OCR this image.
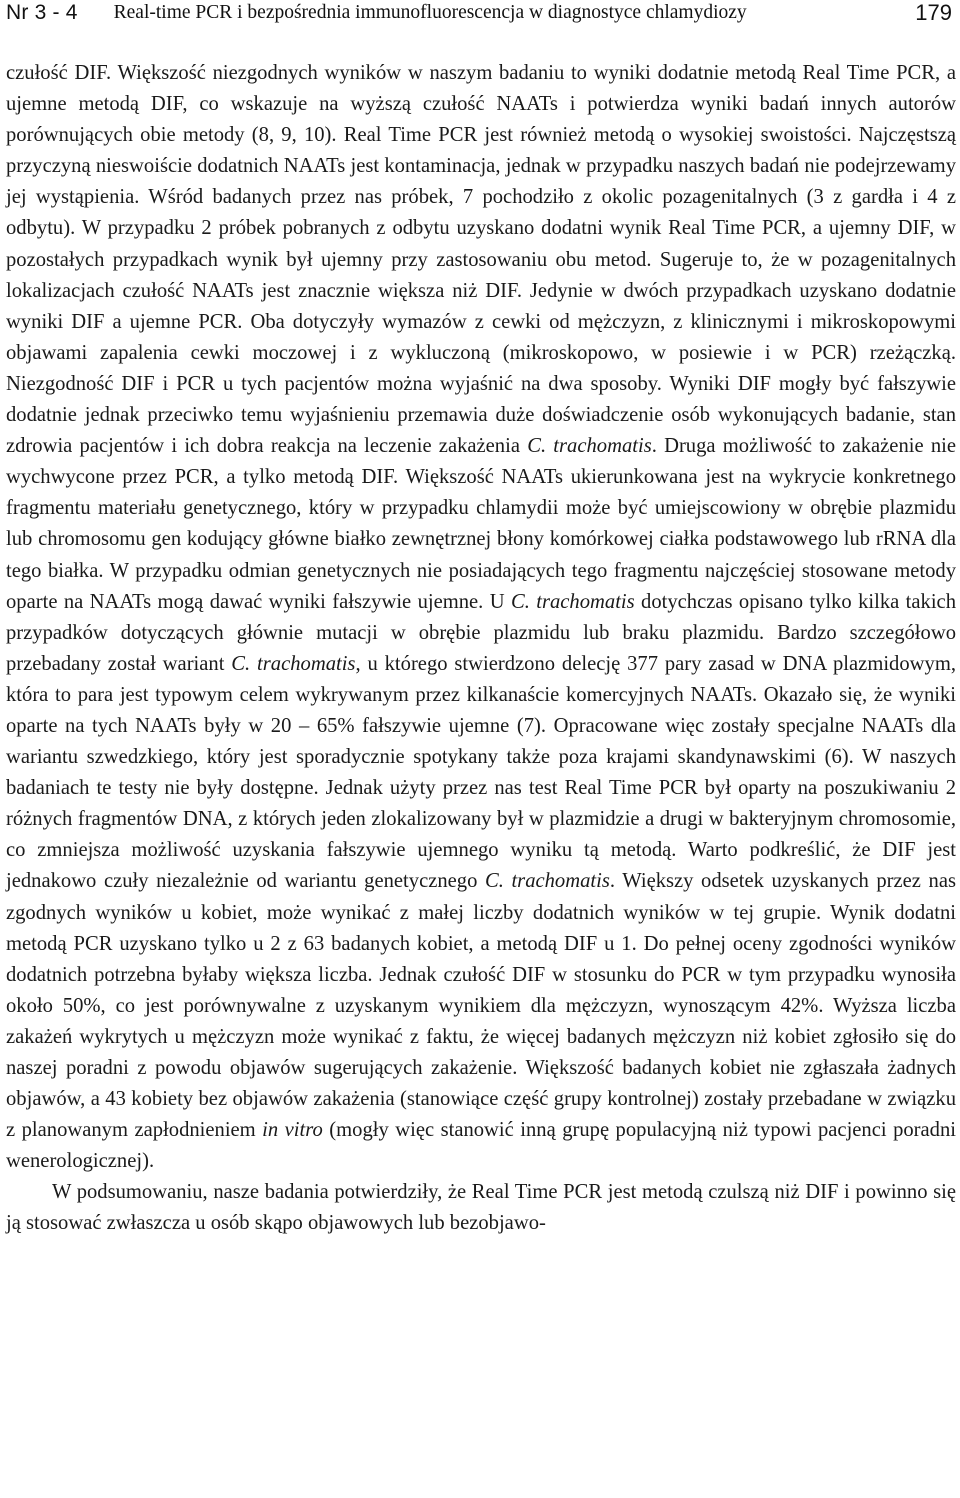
Nr 3 - 4 Real-time PCR i bezpośrednia immunofluorescencja w diagnostyce chlamydiozy	179

czułość DIF. Większość niezgodnych wyników w naszym badaniu to wyniki dodatnie metodą Real Time PCR, a ujemne metodą DIF, co wskazuje na wyższą czułość NAATs i potwierdza wyniki badań innych autorów porównujących obie metody (8, 9, 10). Real Time PCR jest również metodą o wysokiej swoistości. Najczęstszą przyczyną nieswoiście dodatnich NAATs jest kontaminacja, jednak w przypadku naszych badań nie podejrzewamy jej wystąpienia. Wśród badanych przez nas próbek, 7 pochodziło z okolic pozagenitalnych (3 z gardła i 4 z odbytu). W przypadku 2 próbek pobranych z odbytu uzyskano dodatni wynik Real Time PCR, a ujemny DIF, w pozostałych przypadkach wynik był ujemny przy zastosowaniu obu metod. Sugeruje to, że w pozagenitalnych lokalizacjach czułość NAATs jest znacznie większa niż DIF. Jedynie w dwóch przypadkach uzyskano dodatnie wyniki DIF a ujemne PCR. Oba dotyczyły wymazów z cewki od mężczyzn, z klinicznymi i mikroskopowymi objawami zapalenia cewki moczowej i z wykluczoną (mikroskopowo, w posiewie i w PCR) rzeżączką. Niezgodność DIF i PCR u tych pacjentów można wyjaśnić na dwa sposoby. Wyniki DIF mogły być fałszywie dodatnie jednak przeciwko temu wyjaśnieniu przemawia duże doświadczenie osób wykonujących badanie, stan zdrowia pacjentów i ich dobra reakcja na leczenie zakażenia C. trachomatis. Druga możliwość to zakażenie nie wychwycone przez PCR, a tylko metodą DIF. Większość NAATs ukierunkowana jest na wykrycie konkretnego fragmentu materiału genetycznego, który w przypadku chlamydii może być umiejscowiony w obrębie plazmidu lub chromosomu gen kodujący główne białko zewnętrznej błony komórkowej ciałka podstawowego lub rRNA dla tego białka. W przypadku odmian genetycznych nie posiadających tego fragmentu najczęściej stosowane metody oparte na NAATs mogą dawać wyniki fałszywie ujemne. U C. trachomatis dotychczas opisano tylko kilka takich przypadków dotyczących głównie mutacji w obrębie plazmidu lub braku plazmidu. Bardzo szczegółowo przebadany został wariant C. trachomatis, u którego stwierdzono delecję 377 pary zasad w DNA plazmidowym, która to para jest typowym celem wykrywanym przez kilkanaście komercyjnych NAATs. Okazało się, że wyniki oparte na tych NAATs były w 20 – 65% fałszywie ujemne (7). Opracowane więc zostały specjalne NAATs dla wariantu szwedzkiego, który jest sporadycznie spotykany także poza krajami skandynawskimi (6). W naszych badaniach te testy nie były dostępne. Jednak użyty przez nas test Real Time PCR był oparty na poszukiwaniu 2 różnych fragmentów DNA, z których jeden zlokalizowany był w plazmidzie a drugi w bakteryjnym chromosomie, co zmniejsza możliwość uzyskania fałszywie ujemnego wyniku tą metodą. Warto podkreślić, że DIF jest jednakowo czuły niezależnie od wariantu genetycznego C. trachomatis. Większy odsetek uzyskanych przez nas zgodnych wyników u kobiet, może wynikać z małej liczby dodatnich wyników w tej grupie. Wynik dodatni metodą PCR uzyskano tylko u 2 z 63 badanych kobiet, a metodą DIF u 1. Do pełnej oceny zgodności wyników dodatnich potrzebna byłaby większa liczba. Jednak czułość DIF w stosunku do PCR w tym przypadku wynosiła około 50%, co jest porównywalne z uzyskanym wynikiem dla mężczyzn, wynoszącym 42%. Wyższa liczba zakażeń wykrytych u mężczyzn może wynikać z faktu, że więcej badanych mężczyzn niż kobiet zgłosiło się do naszej poradni z powodu objawów sugerujących zakażenie. Większość badanych kobiet nie zgłaszała żadnych objawów, a 43 kobiety bez objawów zakażenia (stanowiące część grupy kontrolnej) zostały przebadane w związku z planowanym zapłodnieniem in vitro (mogły więc stanowić inną grupę populacyjną niż typowi pacjenci poradni wenerologicznej).

W podsumowaniu, nasze badania potwierdziły, że Real Time PCR jest metodą czulszą niż DIF i powinno się ją stosować zwłaszcza u osób skąpo objawowych lub bezobjawo-
